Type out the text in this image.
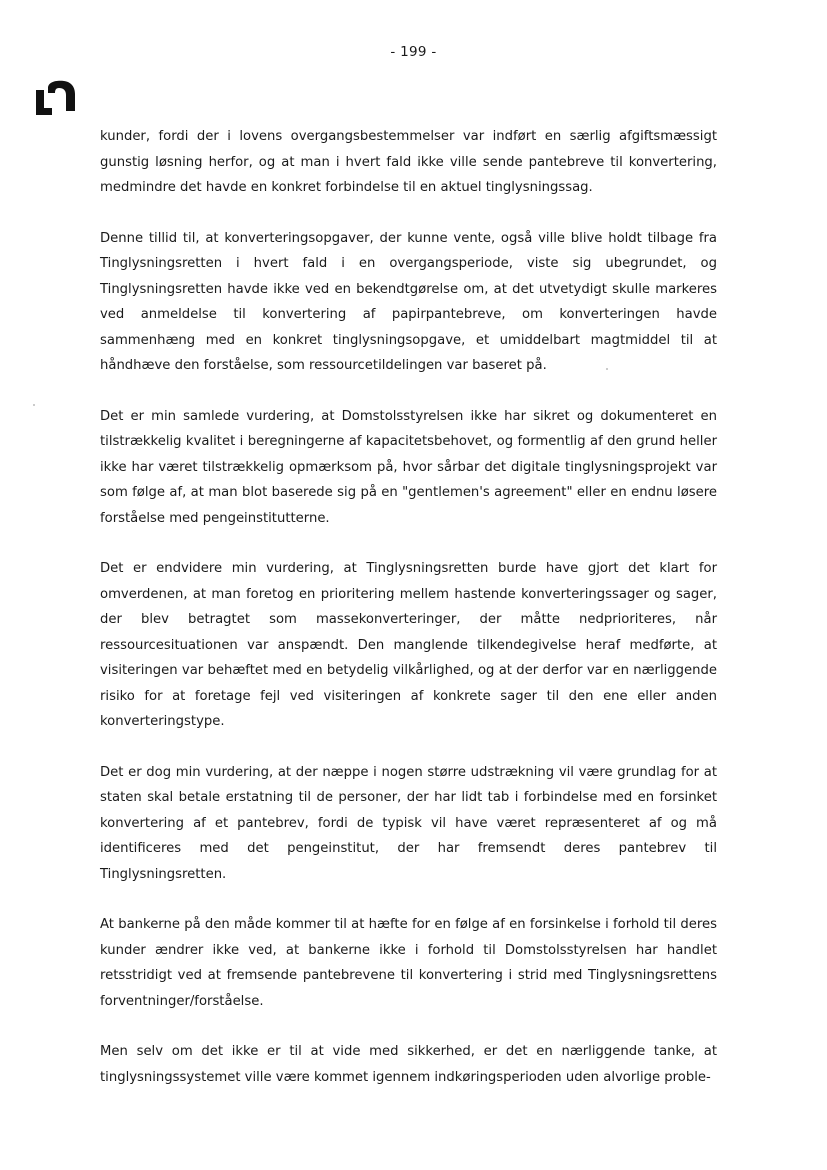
- 199 -

kunder, fordi der i lovens overgangsbestemmelser var indført en særlig afgiftsmæssigt gunstig løsning herfor, og at man i hvert fald ikke ville sende pantebreve til konvertering, medmindre det havde en konkret forbindelse til en aktuel tinglysningssag.

Denne tillid til, at konverteringsopgaver, der kunne vente, også ville blive holdt tilbage fra Tinglysningsretten i hvert fald i en overgangsperiode, viste sig ubegrundet, og Tinglysningsretten havde ikke ved en bekendtgørelse om, at det utvetydigt skulle markeres ved anmeldelse til konvertering af papirpantebreve, om konverteringen havde sammenhæng med en konkret tinglysningsopgave, et umiddelbart magtmiddel til at håndhæve den forståelse, som ressourcetildelingen var baseret på.

Det er min samlede vurdering, at Domstolsstyrelsen ikke har sikret og dokumenteret en tilstrækkelig kvalitet i beregningerne af kapacitetsbehovet, og formentlig af den grund heller ikke har været tilstrækkelig opmærksom på, hvor sårbar det digitale tinglysningsprojekt var som følge af, at man blot baserede sig på en "gentlemen's agreement" eller en endnu løsere forståelse med pengeinstitutterne.

Det er endvidere min vurdering, at Tinglysningsretten burde have gjort det klart for omverdenen, at man foretog en prioritering mellem hastende konverteringssager og sager, der blev betragtet som massekonverteringer, der måtte nedprioriteres, når ressourcesituationen var anspændt. Den manglende tilkendegivelse heraf medførte, at visiteringen var behæftet med en betydelig vilkårlighed, og at der derfor var en nærliggende risiko for at foretage fejl ved visiteringen af konkrete sager til den ene eller anden konverteringstype.

Det er dog min vurdering, at der næppe i nogen større udstrækning vil være grundlag for at staten skal betale erstatning til de personer, der har lidt tab i forbindelse med en forsinket konvertering af et pantebrev, fordi de typisk vil have været repræsenteret af og må identificeres med det pengeinstitut, der har fremsendt deres pantebrev til Tinglysningsretten.

At bankerne på den måde kommer til at hæfte for en følge af en forsinkelse i forhold til deres kunder ændrer ikke ved, at bankerne ikke i forhold til Domstolsstyrelsen har handlet retsstridigt ved at fremsende pantebrevene til konvertering i strid med Tinglysningsrettens forventninger/forståelse.

Men selv om det ikke er til at vide med sikkerhed, er det en nærliggende tanke, at tinglysningssystemet ville være kommet igennem indkøringsperioden uden alvorlige proble-
